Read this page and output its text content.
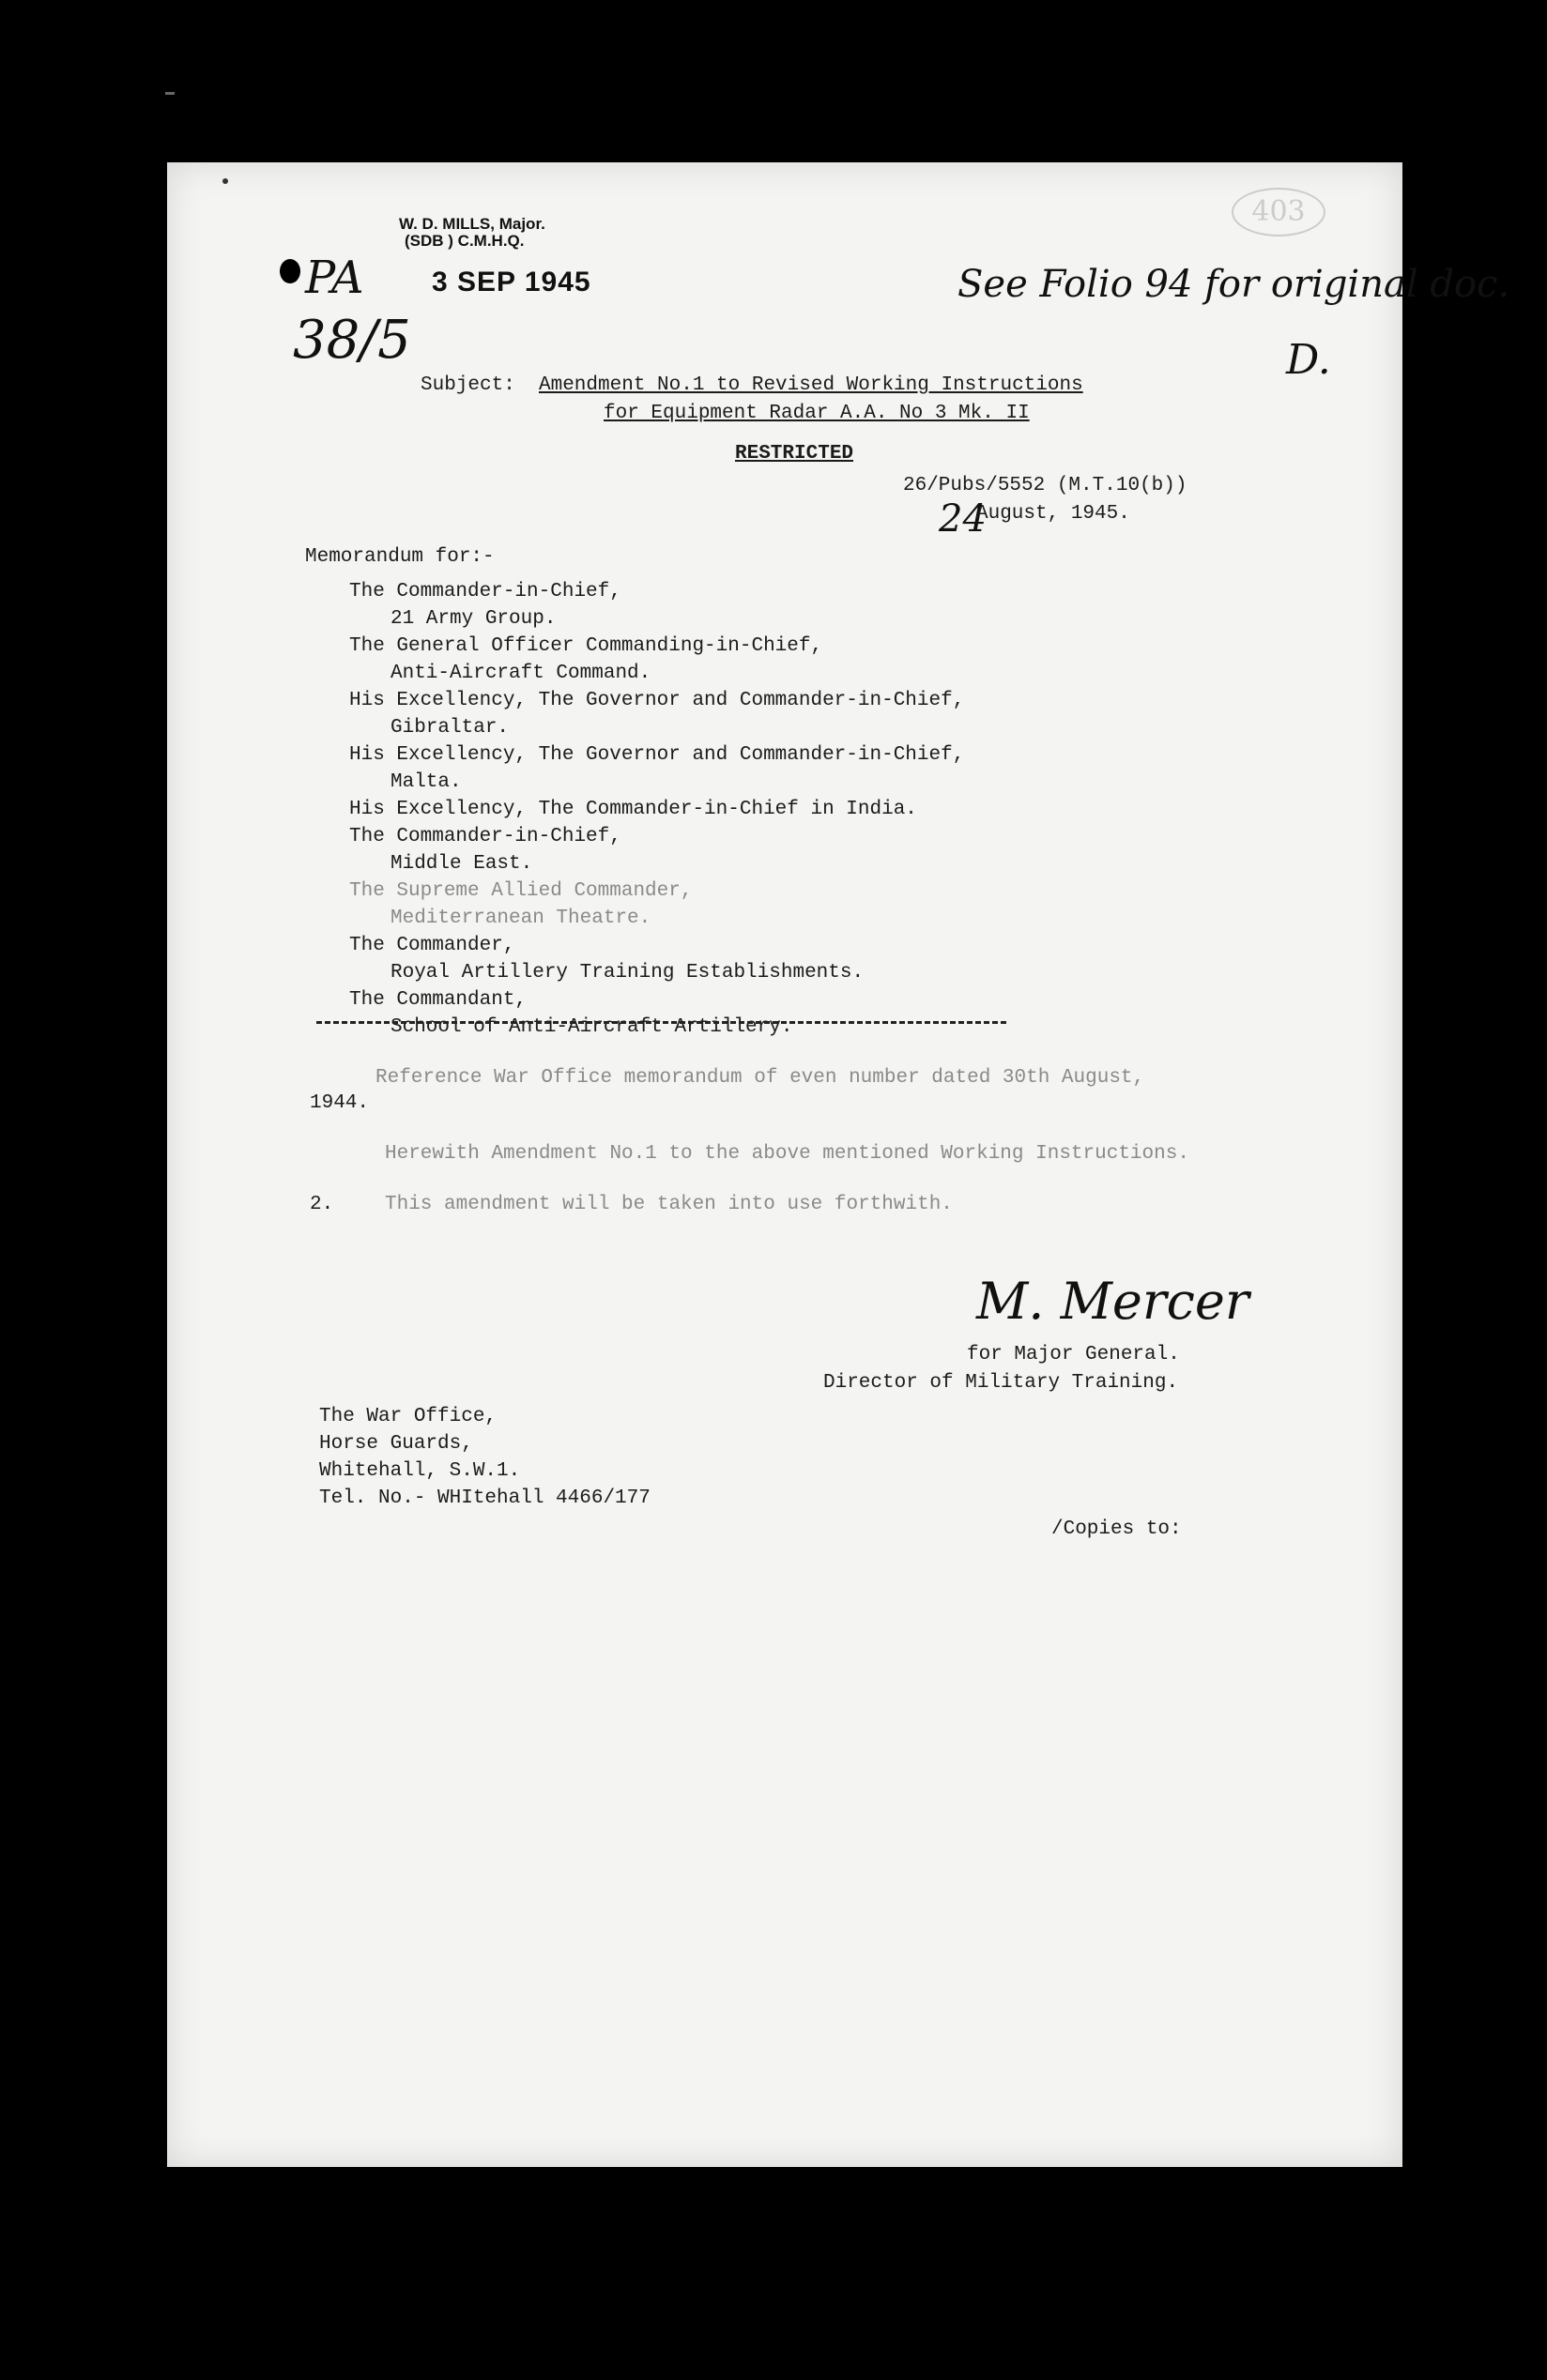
W. D. MILLS, Major.
(SDB ) C.M.H.Q.
3 SEP 1945
PA
38/5
See Folio 94 for original doc.
D.
403
Subject: Amendment No.1 to Revised Working Instructions
for Equipment Radar A.A. No 3 Mk. II
RESTRICTED
26/Pubs/5552 (M.T.10(b))
24
August, 1945.
Memorandum for:-
The Commander-in-Chief,
21 Army Group.
The General Officer Commanding-in-Chief,
Anti-Aircraft Command.
His Excellency, The Governor and Commander-in-Chief,
Gibraltar.
His Excellency, The Governor and Commander-in-Chief,
Malta.
His Excellency, The Commander-in-Chief in India.
The Commander-in-Chief,
Middle East.
The Supreme Allied Commander,
Mediterranean Theatre.
The Commander,
Royal Artillery Training Establishments.
The Commandant,
School of Anti-Aircraft Artillery.
Reference War Office memorandum of even number dated 30th August,
1944.
Herewith Amendment No.1 to the above mentioned Working Instructions.
2.	This amendment will be taken into use forthwith.
M. Mercer
for Major General.
Director of Military Training.
The War Office,
Horse Guards,
Whitehall, S.W.1.
Tel. No.- WHItehall 4466/177
/Copies to:
